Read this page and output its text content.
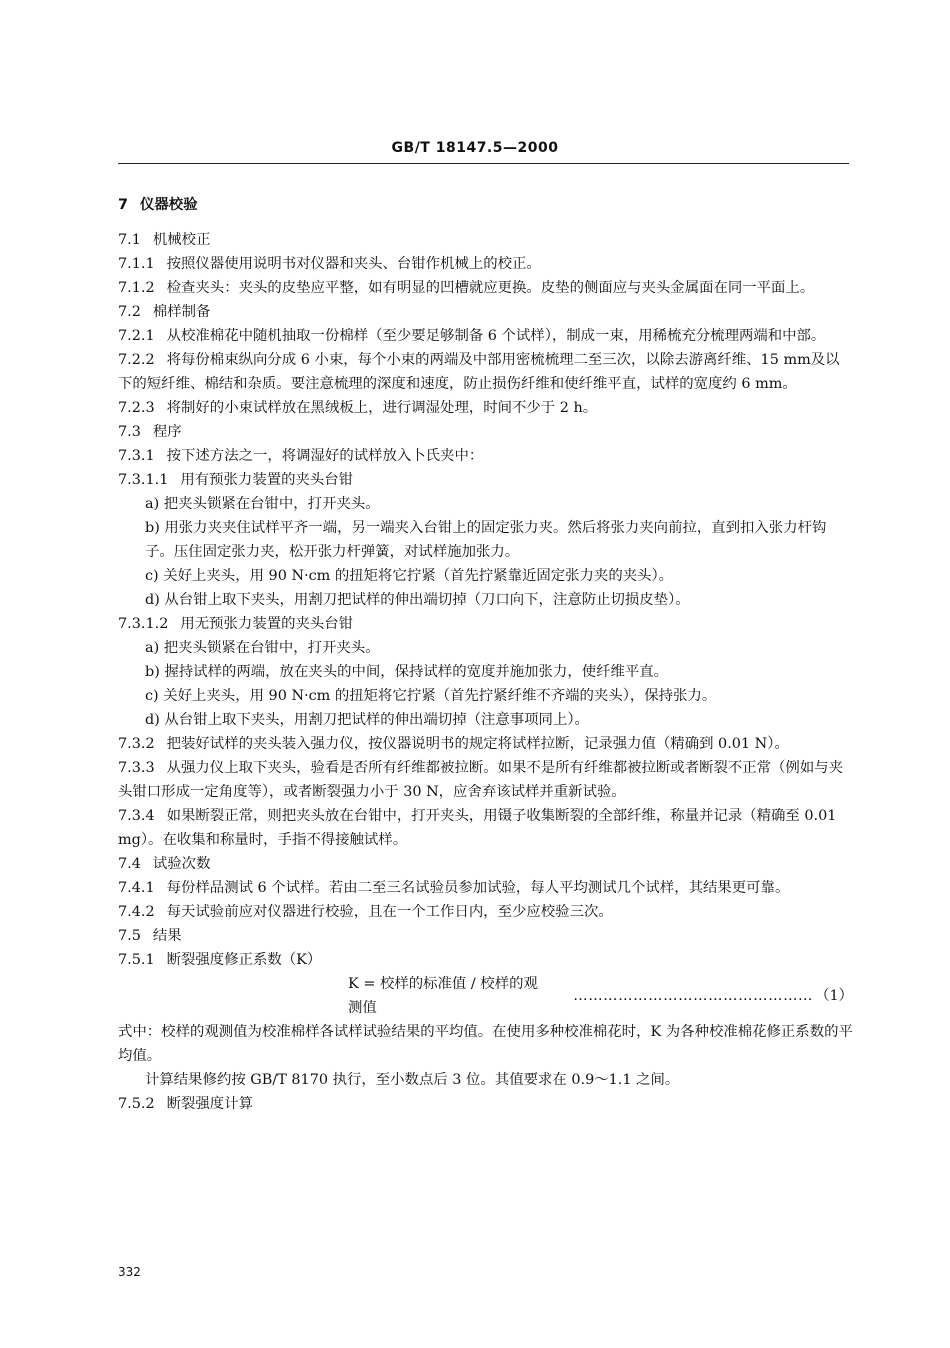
GB/T 18147.5—2000

7 仪器校验

7.1 机械校正

7.1.1 按照仪器使用说明书对仪器和夹头、台钳作机械上的校正。

7.1.2 检查夹头：夹头的皮垫应平整，如有明显的凹槽就应更换。皮垫的侧面应与夹头金属面在同一平面上。

7.2 棉样制备

7.2.1 从校准棉花中随机抽取一份棉样（至少要足够制备 6 个试样），制成一束，用稀梳充分梳理两端和中部。

7.2.2 将每份棉束纵向分成 6 小束，每个小束的两端及中部用密梳梳理二至三次，以除去游离纤维、15 mm及以下的短纤维、棉结和杂质。要注意梳理的深度和速度，防止损伤纤维和使纤维平直，试样的宽度约 6 mm。

7.2.3 将制好的小束试样放在黑绒板上，进行调湿处理，时间不少于 2 h。

7.3 程序

7.3.1 按下述方法之一，将调湿好的试样放入卜氏夹中：

7.3.1.1 用有预张力装置的夹头台钳

a) 把夹头锁紧在台钳中，打开夹头。

b) 用张力夹夹住试样平齐一端，另一端夹入台钳上的固定张力夹。然后将张力夹向前拉，直到扣入张力杆钩子。压住固定张力夹，松开张力杆弹簧，对试样施加张力。

c) 关好上夹头，用 90 N·cm 的扭矩将它拧紧（首先拧紧靠近固定张力夹的夹头）。

d) 从台钳上取下夹头，用割刀把试样的伸出端切掉（刀口向下，注意防止切损皮垫）。

7.3.1.2 用无预张力装置的夹头台钳

a) 把夹头锁紧在台钳中，打开夹头。

b) 握持试样的两端，放在夹头的中间，保持试样的宽度并施加张力，使纤维平直。

c) 关好上夹头，用 90 N·cm 的扭矩将它拧紧（首先拧紧纤维不齐端的夹头），保持张力。

d) 从台钳上取下夹头，用割刀把试样的伸出端切掉（注意事项同上）。

7.3.2 把装好试样的夹头装入强力仪，按仪器说明书的规定将试样拉断，记录强力值（精确到 0.01 N）。

7.3.3 从强力仪上取下夹头，验看是否所有纤维都被拉断。如果不是所有纤维都被拉断或者断裂不正常（例如与夹头钳口形成一定角度等），或者断裂强力小于 30 N，应舍弃该试样并重新试验。

7.3.4 如果断裂正常，则把夹头放在台钳中，打开夹头，用镊子收集断裂的全部纤维，称量并记录（精确至 0.01 mg）。在收集和称量时，手指不得接触试样。

7.4 试验次数

7.4.1 每份样品测试 6 个试样。若由二至三名试验员参加试验，每人平均测试几个试样，其结果更可靠。

7.4.2 每天试验前应对仪器进行校验，且在一个工作日内，至少应校验三次。

7.5 结果

7.5.1 断裂强度修正系数（K）

K = 校样的标准值 / 校样的观测值
………………………………………… （1）

式中：校样的观测值为校准棉样各试样试验结果的平均值。在使用多种校准棉花时，K 为各种校准棉花修正系数的平均值。

计算结果修约按 GB/T 8170 执行，至小数点后 3 位。其值要求在 0.9～1.1 之间。

7.5.2 断裂强度计算

332
